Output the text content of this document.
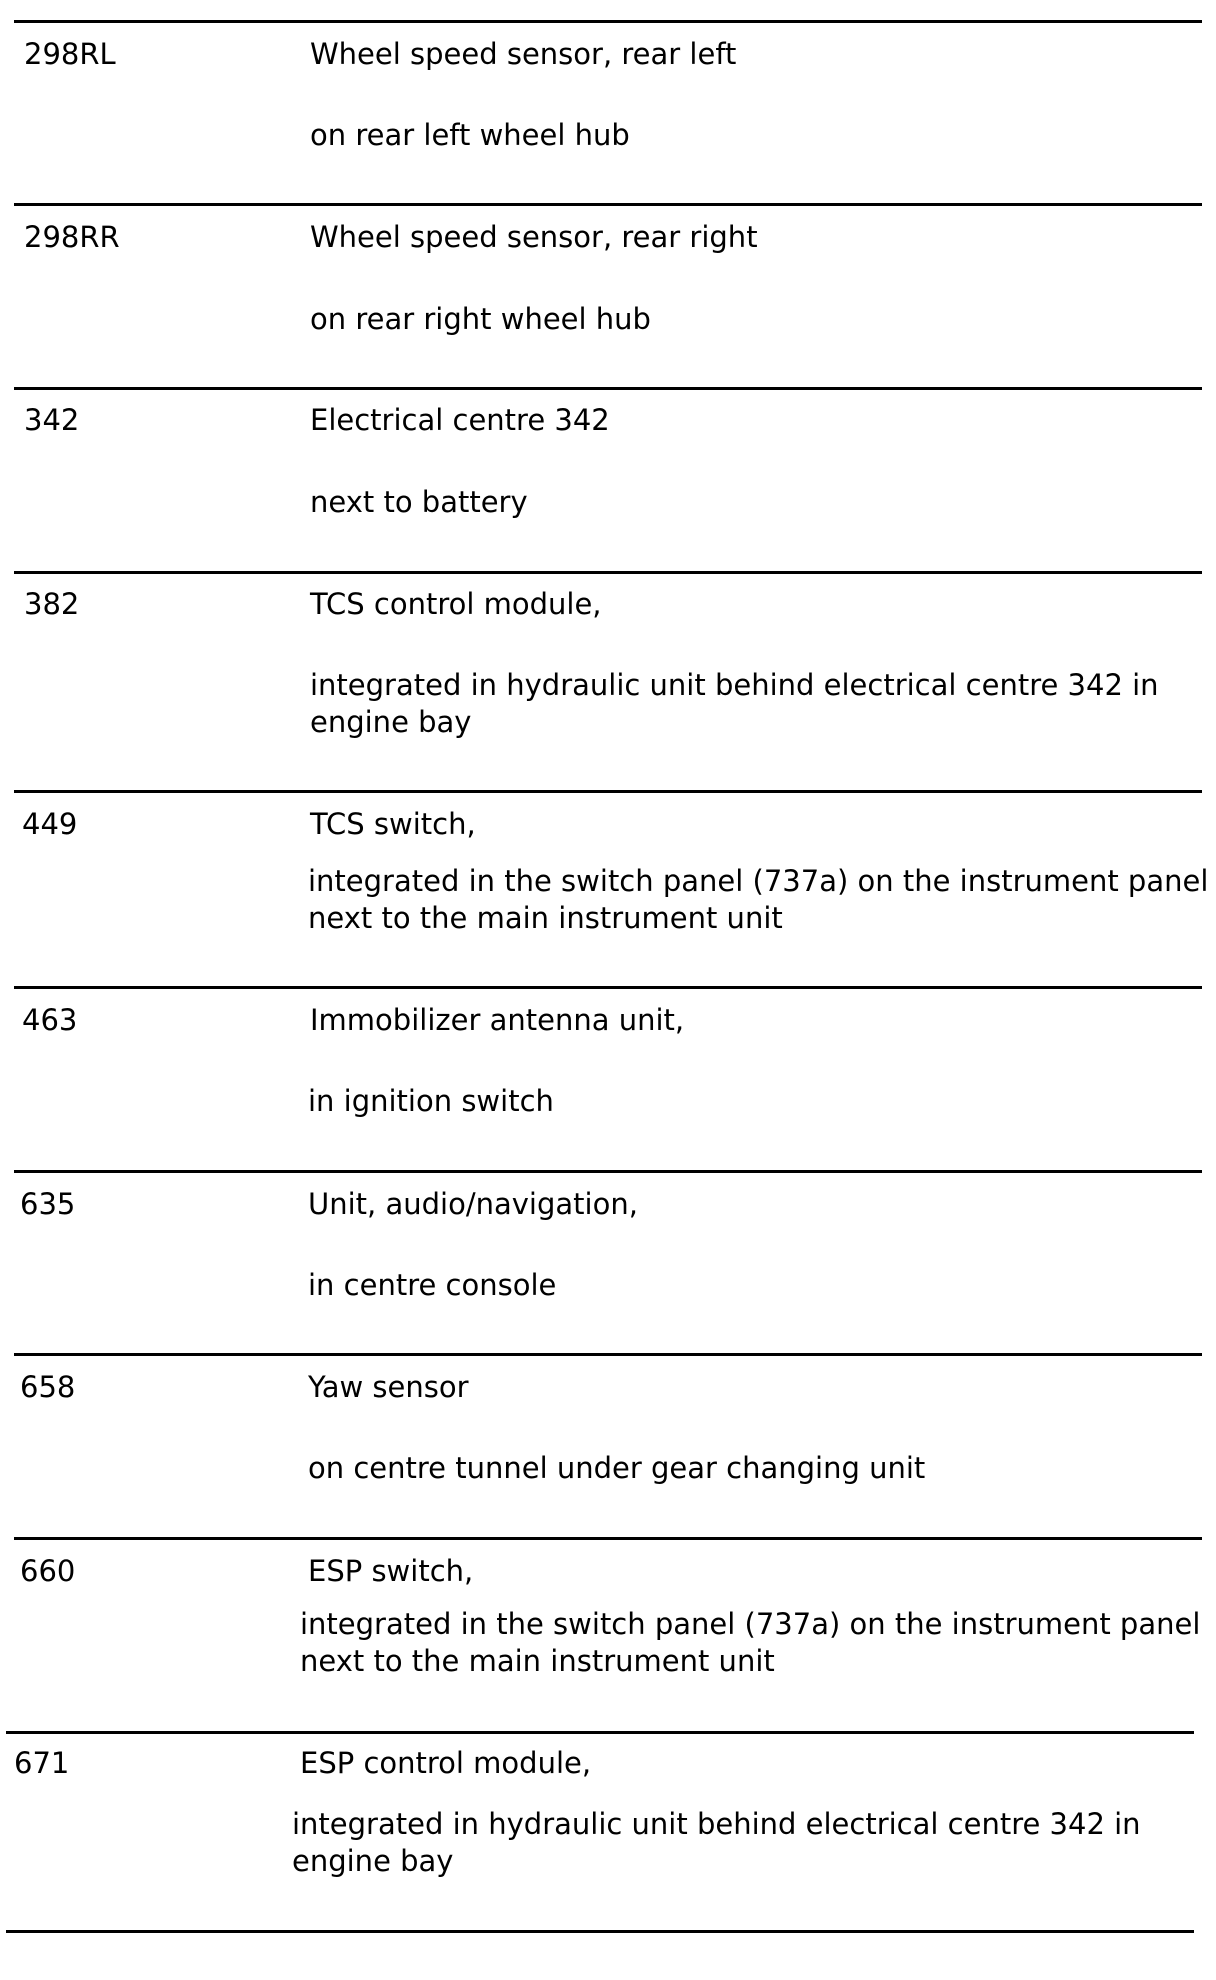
298RL	Wheel speed sensor, rear left
on rear left wheel hub
298RR	Wheel speed sensor, rear right
on rear right wheel hub
342	Electrical centre 342
next to battery
382	TCS control module,
integrated in hydraulic unit behind electrical centre 342 in engine bay
449	TCS switch,
integrated in the switch panel (737a) on the instrument panel next to the main instrument unit
463	Immobilizer antenna unit,
in ignition switch
635	Unit, audio/navigation,
in centre console
658	Yaw sensor
on centre tunnel under gear changing unit
660	ESP switch,
integrated in the switch panel (737a) on the instrument panel next to the main instrument unit
671	ESP control module,
integrated in hydraulic unit behind electrical centre 342 in engine bay
